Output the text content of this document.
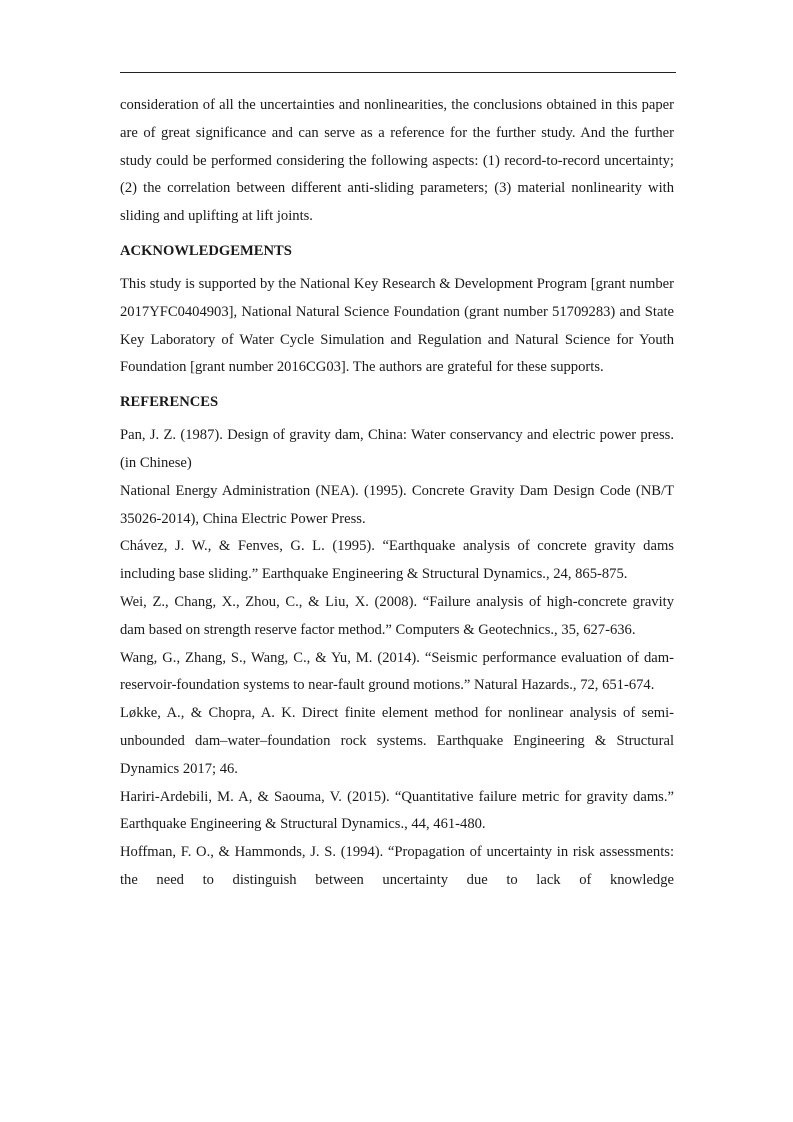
consideration of all the uncertainties and nonlinearities, the conclusions obtained in this paper are of great significance and can serve as a reference for the further study. And the further study could be performed considering the following aspects: (1) record-to-record uncertainty; (2) the correlation between different anti-sliding parameters; (3) material nonlinearity with sliding and uplifting at lift joints.

ACKNOWLEDGEMENTS

This study is supported by the National Key Research & Development Program [grant number 2017YFC0404903], National Natural Science Foundation (grant number 51709283) and State Key Laboratory of Water Cycle Simulation and Regulation and Natural Science for Youth Foundation [grant number 2016CG03]. The authors are grateful for these supports.

REFERENCES

Pan, J. Z. (1987). Design of gravity dam, China: Water conservancy and electric power press. (in Chinese)

National Energy Administration (NEA). (1995). Concrete Gravity Dam Design Code (NB/T 35026-2014), China Electric Power Press.

Chávez, J. W., & Fenves, G. L. (1995). “Earthquake analysis of concrete gravity dams including base sliding.” Earthquake Engineering & Structural Dynamics., 24, 865-875.

Wei, Z., Chang, X., Zhou, C., & Liu, X. (2008). “Failure analysis of high-concrete gravity dam based on strength reserve factor method.” Computers & Geotechnics., 35, 627-636.

Wang, G., Zhang, S., Wang, C., & Yu, M. (2014). “Seismic performance evaluation of dam-reservoir-foundation systems to near-fault ground motions.” Natural Hazards., 72, 651-674.

Løkke, A., & Chopra, A. K. Direct finite element method for nonlinear analysis of semi‐unbounded dam–water–foundation rock systems. Earthquake Engineering & Structural Dynamics 2017; 46.

Hariri‐Ardebili, M. A, & Saouma, V. (2015). “Quantitative failure metric for gravity dams.” Earthquake Engineering & Structural Dynamics., 44, 461-480.

Hoffman, F. O., & Hammonds, J. S. (1994). “Propagation of uncertainty in risk assessments: the need to distinguish between uncertainty due to lack of knowledge
